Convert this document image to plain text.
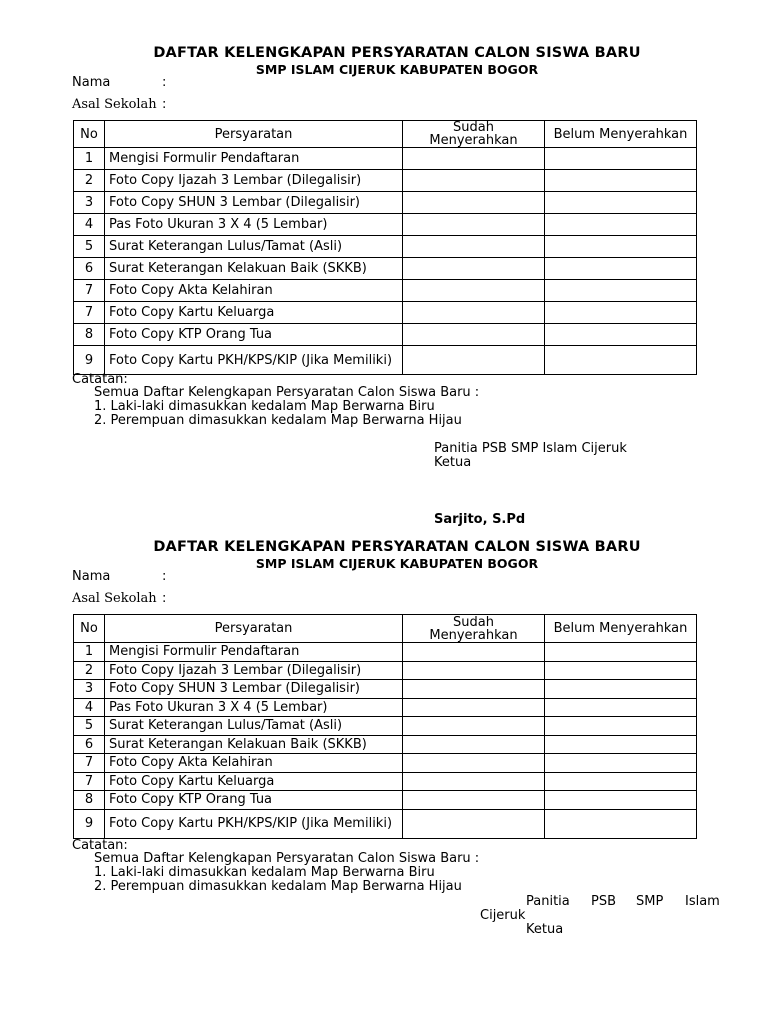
DAFTAR KELENGKAPAN PERSYARATAN CALON SISWA BARU
SMP ISLAM CIJERUK KABUPATEN BOGOR
Nama	:
Asal Sekolah :
No	Persyaratan	Sudah Menyerahkan	Belum Menyerahkan
1	Mengisi Formulir Pendaftaran		
2	Foto Copy Ijazah 3 Lembar (Dilegalisir)		
3	Foto Copy SHUN 3 Lembar (Dilegalisir)		
4	Pas Foto Ukuran 3 X 4 (5 Lembar)		
5	Surat Keterangan Lulus/Tamat (Asli)		
6	Surat Keterangan Kelakuan Baik (SKKB)		
7	Foto Copy Akta Kelahiran		
7	Foto Copy Kartu Keluarga		
8	Foto Copy KTP Orang Tua		
9	Foto Copy Kartu PKH/KPS/KIP (Jika Memiliki)		
Catatan:
Semua Daftar Kelengkapan Persyaratan Calon Siswa Baru :
1. Laki-laki dimasukkan kedalam Map Berwarna Biru
2. Perempuan dimasukkan kedalam Map Berwarna Hijau
Panitia PSB SMP Islam Cijeruk
Ketua
Sarjito, S.Pd
DAFTAR KELENGKAPAN PERSYARATAN CALON SISWA BARU
SMP ISLAM CIJERUK KABUPATEN BOGOR
Nama	:
Asal Sekolah :
No	Persyaratan	Sudah Menyerahkan	Belum Menyerahkan
1	Mengisi Formulir Pendaftaran		
2	Foto Copy Ijazah 3 Lembar (Dilegalisir)		
3	Foto Copy SHUN 3 Lembar (Dilegalisir)		
4	Pas Foto Ukuran 3 X 4 (5 Lembar)		
5	Surat Keterangan Lulus/Tamat (Asli)		
6	Surat Keterangan Kelakuan Baik (SKKB)		
7	Foto Copy Akta Kelahiran		
7	Foto Copy Kartu Keluarga		
8	Foto Copy KTP Orang Tua		
9	Foto Copy Kartu PKH/KPS/KIP (Jika Memiliki)		
Catatan:
Semua Daftar Kelengkapan Persyaratan Calon Siswa Baru :
1. Laki-laki dimasukkan kedalam Map Berwarna Biru
2. Perempuan dimasukkan kedalam Map Berwarna Hijau
Panitia PSB SMP Islam
Cijeruk
Ketua
